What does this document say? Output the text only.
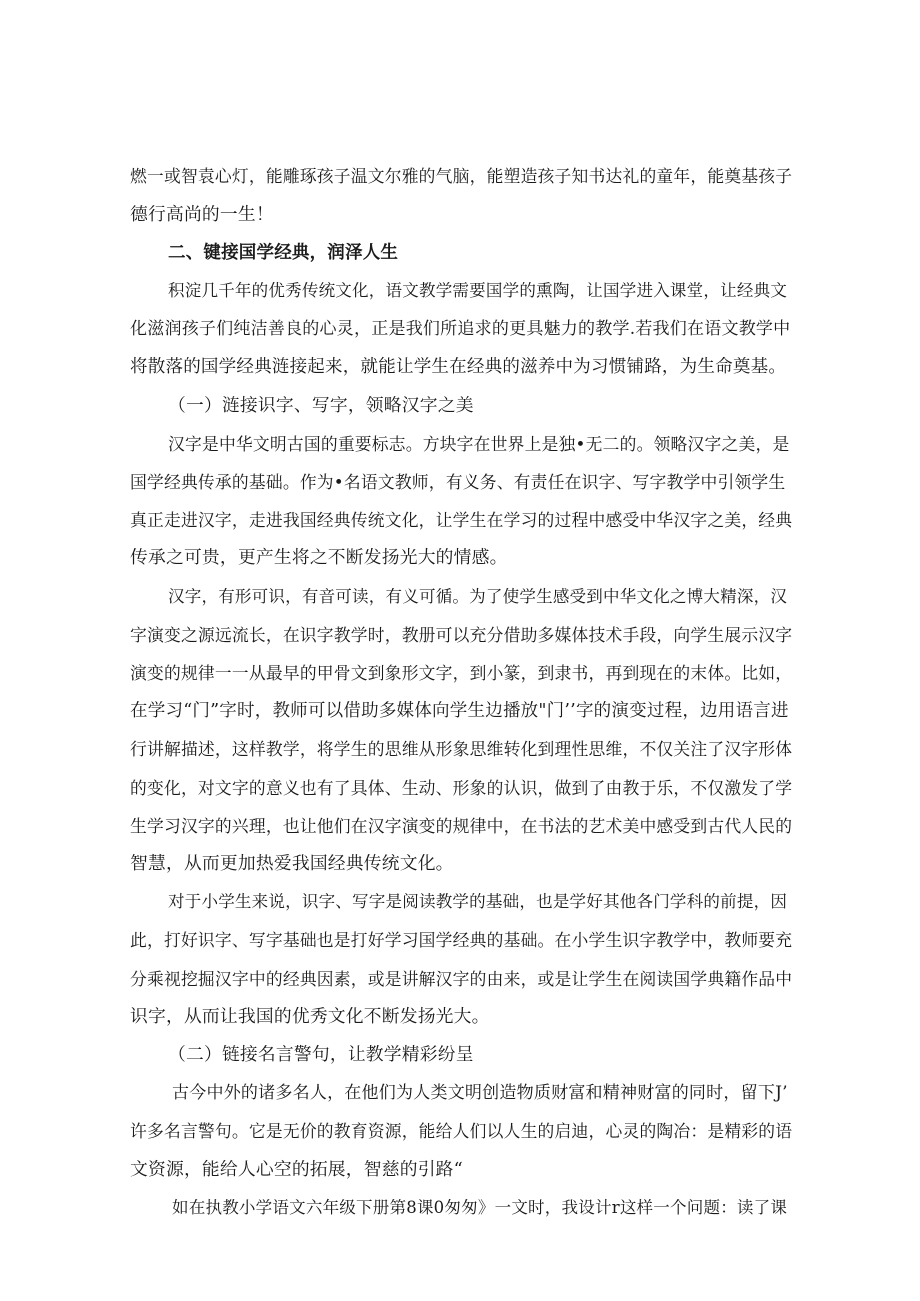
燃一或智袁心灯，能雕琢孩子温文尔雅的气脑，能塑造孩子知书达礼的童年，能奠基孩子
德行高尚的一生！
二、键接国学经典，润泽人生
积淀几千年的优秀传统文化，语文教学需要国学的熏陶，让国学进入课堂，让经典文
化滋润孩子们纯洁善良的心灵，正是我们所追求的更具魅力的教学.若我们在语文教学中
将散落的国学经典涟接起来，就能让学生在经典的滋养中为习惯铺路，为生命奠基。
（一）涟接识字、写字，领略汉字之美
汉字是中华文明古国的重要标志。方块字在世界上是独•无二的。领略汉字之美，是
国学经典传承的基础。作为•名语文教师，有义务、有责任在识字、写字教学中引领学生
真正走进汉字，走进我国经典传统文化，让学生在学习的过程中感受中华汉字之美，经典
传承之可贵，更产生将之不断发扬光大的情感。
汉字，有形可识，有音可读，有义可循。为了使学生感受到中华文化之博大精深，汉
字演变之源远流长，在识字教学时，教册可以充分借助多媒体技术手段，向学生展示汉字
演变的规律一一从最早的甲骨文到象形文字，到小篆，到隶书，再到现在的末体。比如，
在学习“门”字时，教师可以借助多媒体向学生边播放"门’’字的演变过程，边用语言进
行讲解描述，这样教学，将学生的思维从形象思维转化到理性思维，不仅关注了汉字形体
的变化，对文字的意义也有了具体、生动、形象的认识，做到了由教于乐，不仅激发了学
生学习汉字的兴理，也让他们在汉字演变的规律中，在书法的艺术美中感受到古代人民的
智慧，从而更加热爱我国经典传统文化。
对于小学生来说，识字、写字是阅读教学的基础，也是学好其他各门学科的前提，因
此，打好识字、写字基础也是打好学习国学经典的基础。在小学生识字教学中，教师要充
分乘视挖掘汉字中的经典因素，或是讲解汉字的由来，或是让学生在阅读国学典籍作品中
识字，从而让我国的优秀文化不断发扬光大。
（二）链接名言警句，让教学精彩纷呈
古今中外的诸多名人，在他们为人类文明创造物质财富和精神财富的同时，留下J’
许多名言警句。它是无价的教育资源，能给人们以人生的启迪，心灵的陶冶：是精彩的语
文资源，能给人心空的拓展，智慈的引路“
如在执教小学语文六年级下册第8课0匆匆》一文时，我设计r这样一个问题：读了课
